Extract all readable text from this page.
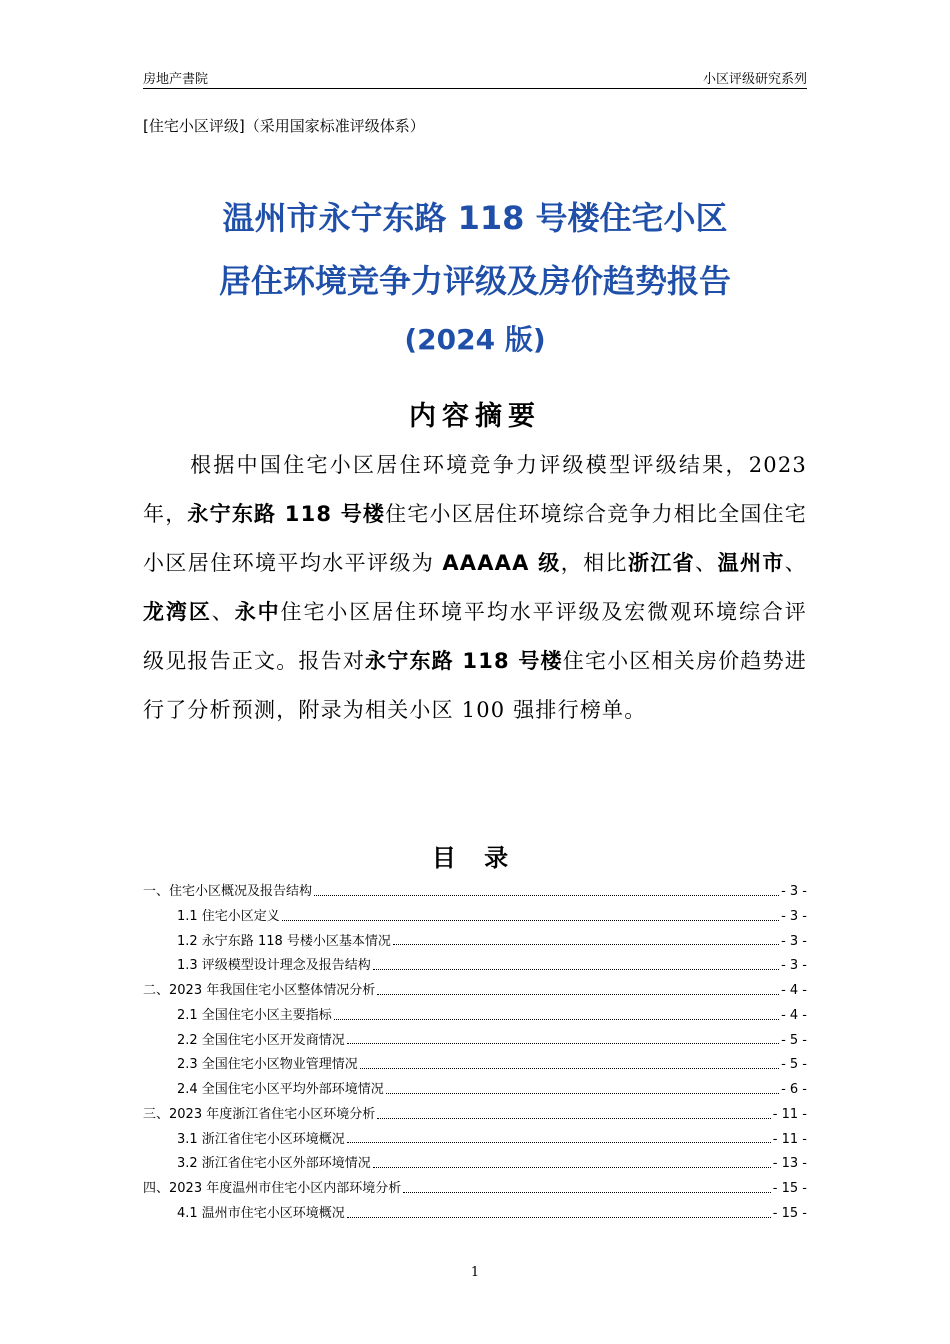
房地产書院	小区评级研究系列
[住宅小区评级]（采用国家标准评级体系）
温州市永宁东路 118 号楼住宅小区
居住环境竞争力评级及房价趋势报告
(2024 版)
内容摘要
根据中国住宅小区居住环境竞争力评级模型评级结果，2023 年，永宁东路 118 号楼住宅小区居住环境综合竞争力相比全国住宅小区居住环境平均水平评级为 AAAAA 级，相比浙江省、温州市、龙湾区、永中住宅小区居住环境平均水平评级及宏微观环境综合评级见报告正文。报告对永宁东路 118 号楼住宅小区相关房价趋势进行了分析预测，附录为相关小区 100 强排行榜单。
目 录
一、住宅小区概况及报告结构	- 3 -
1.1 住宅小区定义	- 3 -
1.2 永宁东路 118 号楼小区基本情况	- 3 -
1.3 评级模型设计理念及报告结构	- 3 -
二、2023 年我国住宅小区整体情况分析	- 4 -
2.1 全国住宅小区主要指标	- 4 -
2.2 全国住宅小区开发商情况	- 5 -
2.3 全国住宅小区物业管理情况	- 5 -
2.4 全国住宅小区平均外部环境情况	- 6 -
三、2023 年度浙江省住宅小区环境分析	- 11 -
3.1 浙江省住宅小区环境概况	- 11 -
3.2 浙江省住宅小区外部环境情况	- 13 -
四、2023 年度温州市住宅小区内部环境分析	- 15 -
4.1 温州市住宅小区环境概况	- 15 -
1
